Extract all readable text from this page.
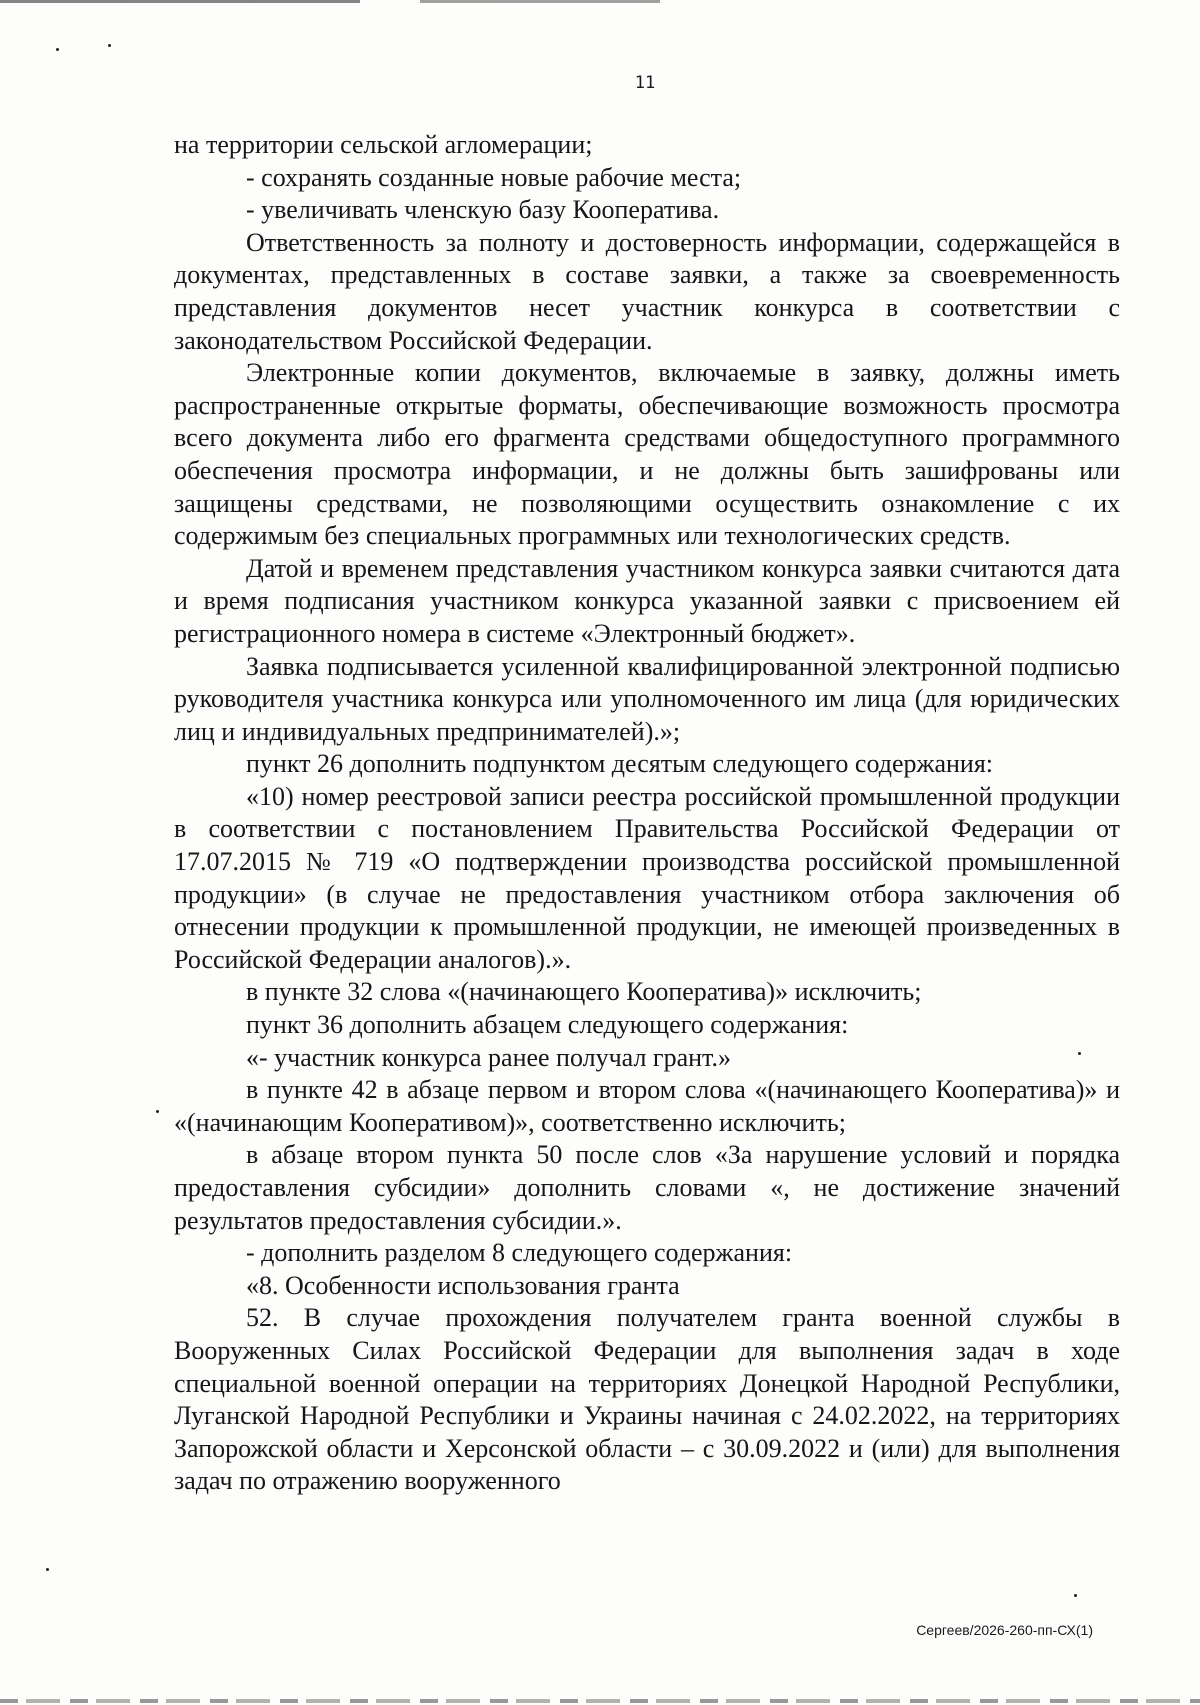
11

на территории сельской агломерации;

- сохранять созданные новые рабочие места;

- увеличивать членскую базу Кооператива.

Ответственность за полноту и достоверность информации, содержащейся в документах, представленных в составе заявки, а также за своевременность представления документов несет участник конкурса в соответствии с законодательством Российской Федерации.

Электронные копии документов, включаемые в заявку, должны иметь распространенные открытые форматы, обеспечивающие возможность просмотра всего документа либо его фрагмента средствами общедоступного программного обеспечения просмотра информации, и не должны быть зашифрованы или защищены средствами, не позволяющими осуществить ознакомление с их содержимым без специальных программных или технологических средств.

Датой и временем представления участником конкурса заявки считаются дата и время подписания участником конкурса указанной заявки с присвоением ей регистрационного номера в системе «Электронный бюджет».

Заявка подписывается усиленной квалифицированной электронной подписью руководителя участника конкурса или уполномоченного им лица (для юридических лиц и индивидуальных предпринимателей).»;

пункт 26 дополнить подпунктом десятым следующего содержания:

«10) номер реестровой записи реестра российской промышленной продукции в соответствии с постановлением Правительства Российской Федерации от 17.07.2015 № 719 «О подтверждении производства российской промышленной продукции» (в случае не предоставления участником отбора заключения об отнесении продукции к промышленной продукции, не имеющей произведенных в Российской Федерации аналогов).».

в пункте 32 слова «(начинающего Кооператива)» исключить;

пункт 36 дополнить абзацем следующего содержания:

«- участник конкурса ранее получал грант.»

в пункте 42 в абзаце первом и втором слова «(начинающего Кооператива)» и «(начинающим Кооперативом)», соответственно исключить;

в абзаце втором пункта 50 после слов «За нарушение условий и порядка предоставления субсидии» дополнить словами «, не достижение значений результатов предоставления субсидии.».

- дополнить разделом 8 следующего содержания:

«8. Особенности использования гранта

52. В случае прохождения получателем гранта военной службы в Вооруженных Силах Российской Федерации для выполнения задач в ходе специальной военной операции на территориях Донецкой Народной Республики, Луганской Народной Республики и Украины начиная с 24.02.2022, на территориях Запорожской области и Херсонской области – с 30.09.2022 и (или) для выполнения задач по отражению вооруженного

Сергеев/2026-260-пп-СХ(1)
